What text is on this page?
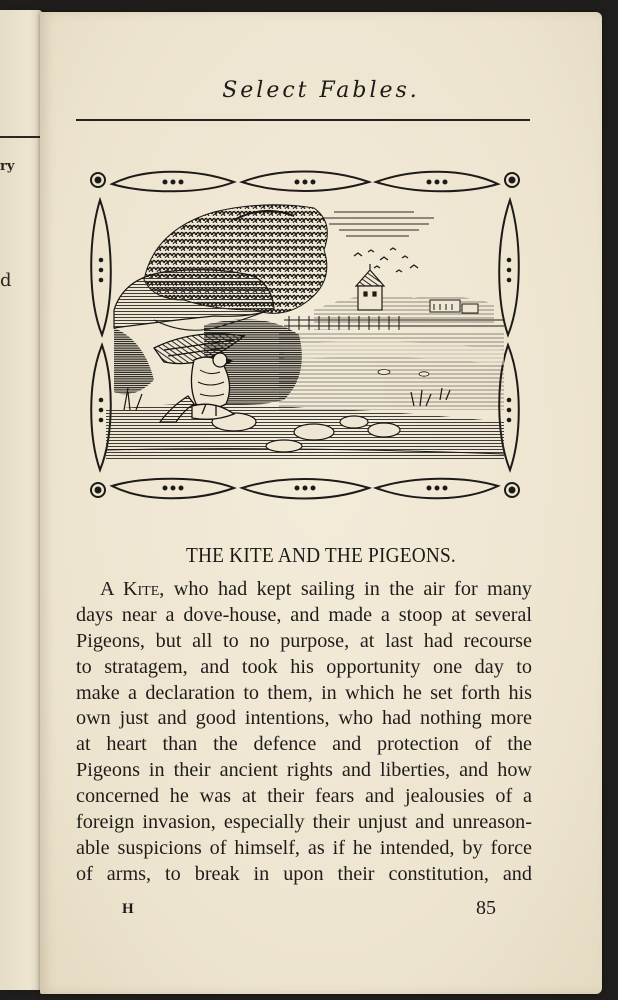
ry
d
Select Fables.
THE KITE AND THE PIGEONS.
A Kite, who had kept sailing in the air for many
days near a dove-house, and made a stoop at several
Pigeons, but all to no purpose, at last had recourse
to stratagem, and took his opportunity one day to
make a declaration to them, in which he set forth his
own just and good intentions, who had nothing more
at heart than the defence and protection of the
Pigeons in their ancient rights and liberties, and how
concerned he was at their fears and jealousies of a
foreign invasion, especially their unjust and unreason-
able suspicions of himself, as if he intended, by force
of arms, to break in upon their constitution, and
H	85
